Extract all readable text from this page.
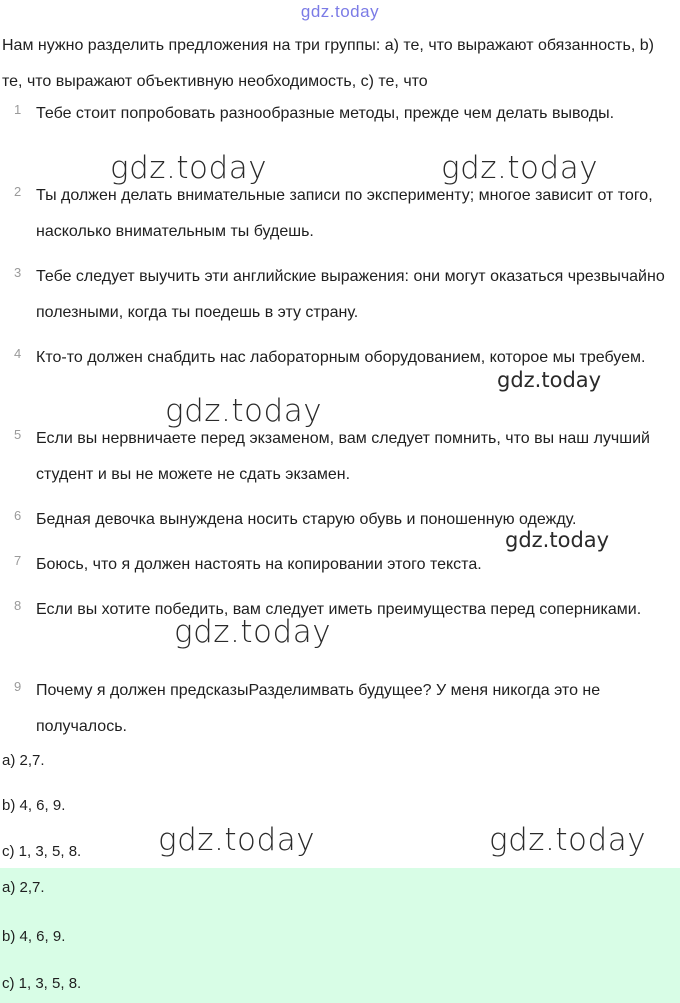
gdz.today
Нам нужно разделить предложения на три группы: a) те, что выражают обязанность, b) те, что выражают объективную необходимость, c) те, что
1 Тебе стоит попробовать разнообразные методы, прежде чем делать выводы.
2 Ты должен делать внимательные записи по эксперименту; многое зависит от того, насколько внимательным ты будешь.
3 Тебе следует выучить эти английские выражения: они могут оказаться чрезвычайно полезными, когда ты поедешь в эту страну.
4 Кто-то должен снабдить нас лабораторным оборудованием, которое мы требуем.
5 Если вы нервничаете перед экзаменом, вам следует помнить, что вы наш лучший студент и вы не можете не сдать экзамен.
6 Бедная девочка вынуждена носить старую обувь и поношенную одежду.
7 Боюсь, что я должен настоять на копировании этого текста.
8 Если вы хотите победить, вам следует иметь преимущества перед соперниками.
9 Почему я должен предсказыРазделимвать будущее? У меня никогда это не получалось.
a) 2,7.
b) 4, 6, 9.
c) 1, 3, 5, 8.
a) 2,7.
b) 4, 6, 9.
c) 1, 3, 5, 8.
gdz.today	gdz.today
gdz.today
gdz.today
gdz.today
gdz.today
gdz.today	gdz.today
